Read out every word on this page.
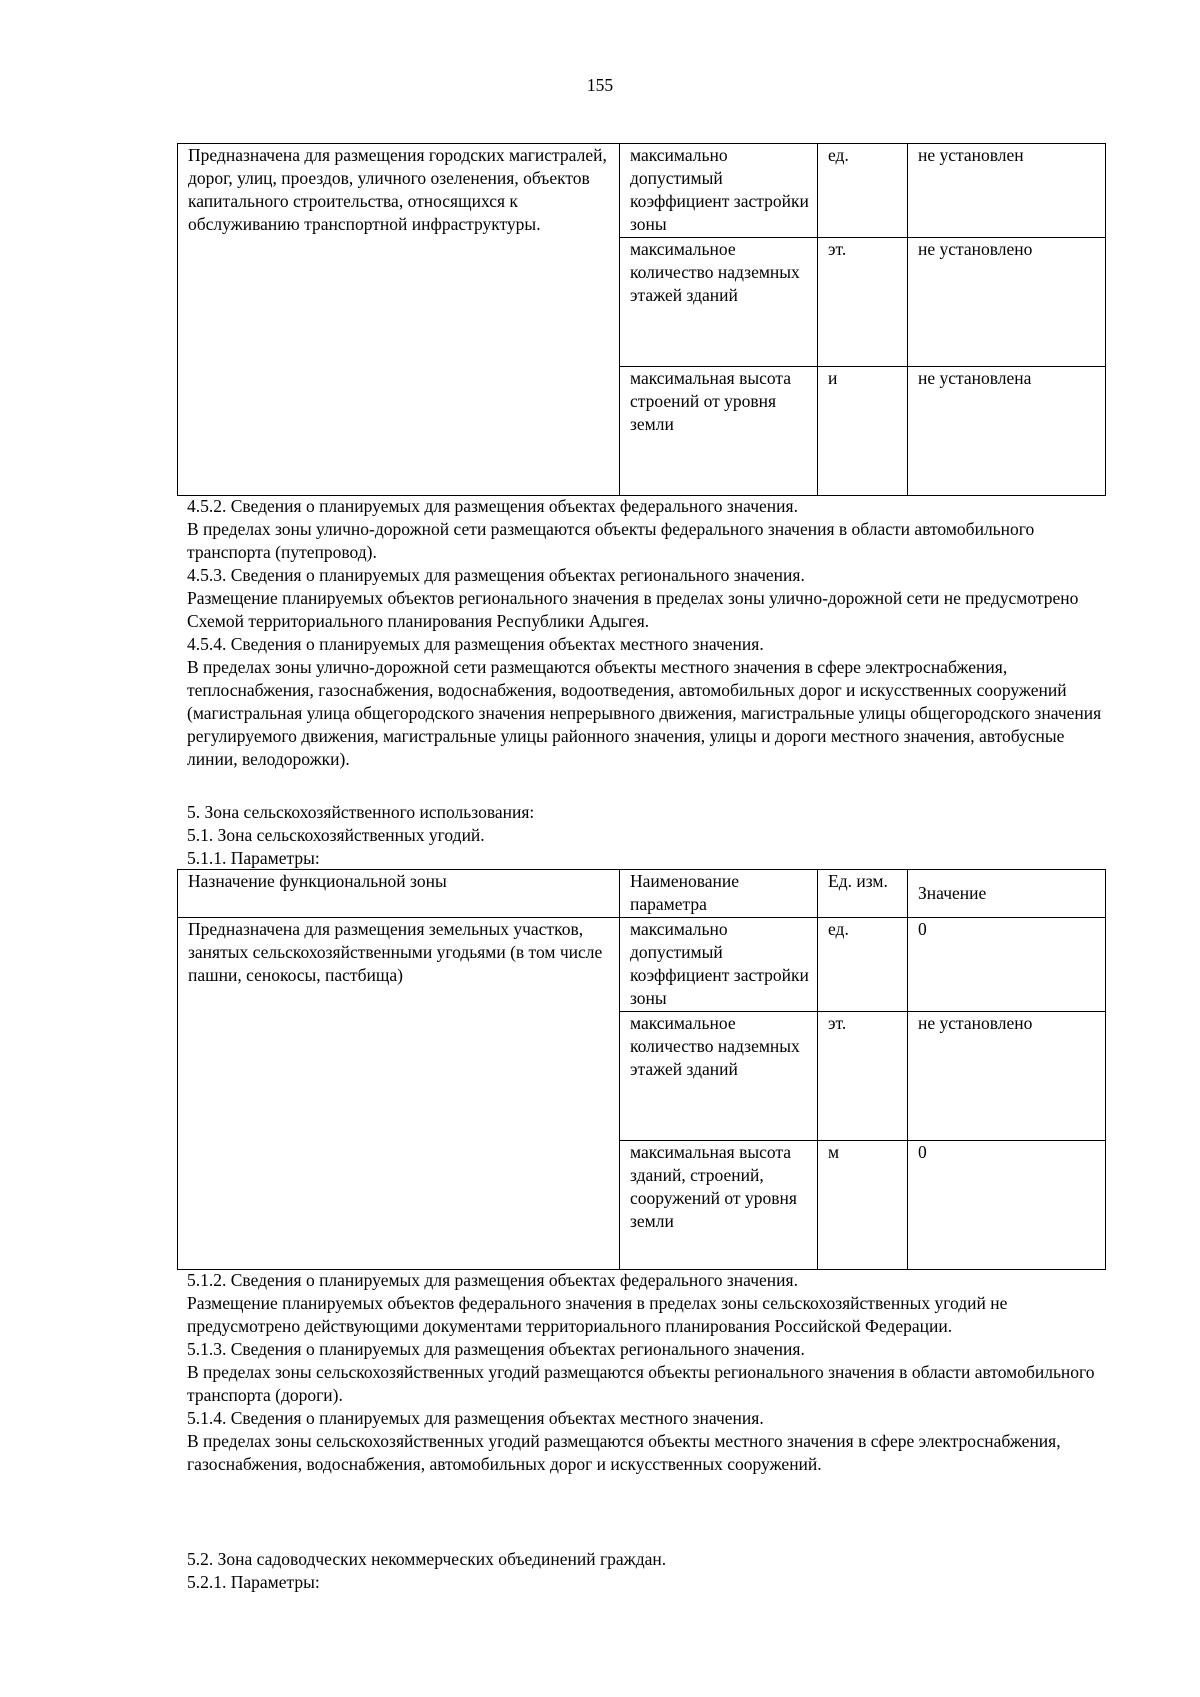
155
Предназначена для размещения городских магистралей, дорог, улиц, проездов, уличного озеленения, объектов капитального строительства, относящихся к обслуживанию транспортной инфраструктуры.	максимально допустимый коэффициент застройки зоны	ед.	не установлен
	максимальное количество надземных этажей зданий	эт.	не установлено
	максимальная высота строений от уровня земли	и	не установлена

4.5.2. Сведения о планируемых для размещения объектах федерального значения.

В пределах зоны улично-дорожной сети размещаются объекты федерального значения в области автомобильного транспорта (путепровод).

4.5.3. Сведения о планируемых для размещения объектах регионального значения.

Размещение планируемых объектов регионального значения в пределах зоны улично-дорожной сети не предусмотрено Схемой территориального планирования Республики Адыгея.

4.5.4. Сведения о планируемых для размещения объектах местного значения.

В пределах зоны улично-дорожной сети размещаются объекты местного значения в сфере электроснабжения, теплоснабжения, газоснабжения, водоснабжения, водоотведения, автомобильных дорог и искусственных сооружений (магистральная улица общегородского значения непрерывного движения, магистральные улицы общегородского значения регулируемого движения, магистральные улицы районного значения, улицы и дороги местного значения, автобусные линии, велодорожки).

5. Зона сельскохозяйственного использования:

5.1. Зона сельскохозяйственных угодий.

5.1.1. Параметры:

Назначение функциональной зоны	Наименование параметра	Ед. изм.	Значение
Предназначена для размещения земельных участков, занятых сельскохозяйственными угодьями (в том числе пашни, сенокосы, пастбища)	максимально допустимый коэффициент застройки зоны	ед.	0
	максимальное количество надземных этажей зданий	эт.	не установлено
	максимальная высота зданий, строений, сооружений от уровня земли	м	0

5.1.2. Сведения о планируемых для размещения объектах федерального значения.

Размещение планируемых объектов федерального значения в пределах зоны сельскохозяйственных угодий не предусмотрено действующими документами территориального планирования Российской Федерации.

5.1.3. Сведения о планируемых для размещения объектах регионального значения.

В пределах зоны сельскохозяйственных угодий размещаются объекты регионального значения в области автомобильного транспорта (дороги).

5.1.4. Сведения о планируемых для размещения объектах местного значения.

В пределах зоны сельскохозяйственных угодий размещаются объекты местного значения в сфере электроснабжения, газоснабжения, водоснабжения, автомобильных дорог и искусственных сооружений.

5.2. Зона садоводческих некоммерческих объединений граждан.

5.2.1. Параметры:
